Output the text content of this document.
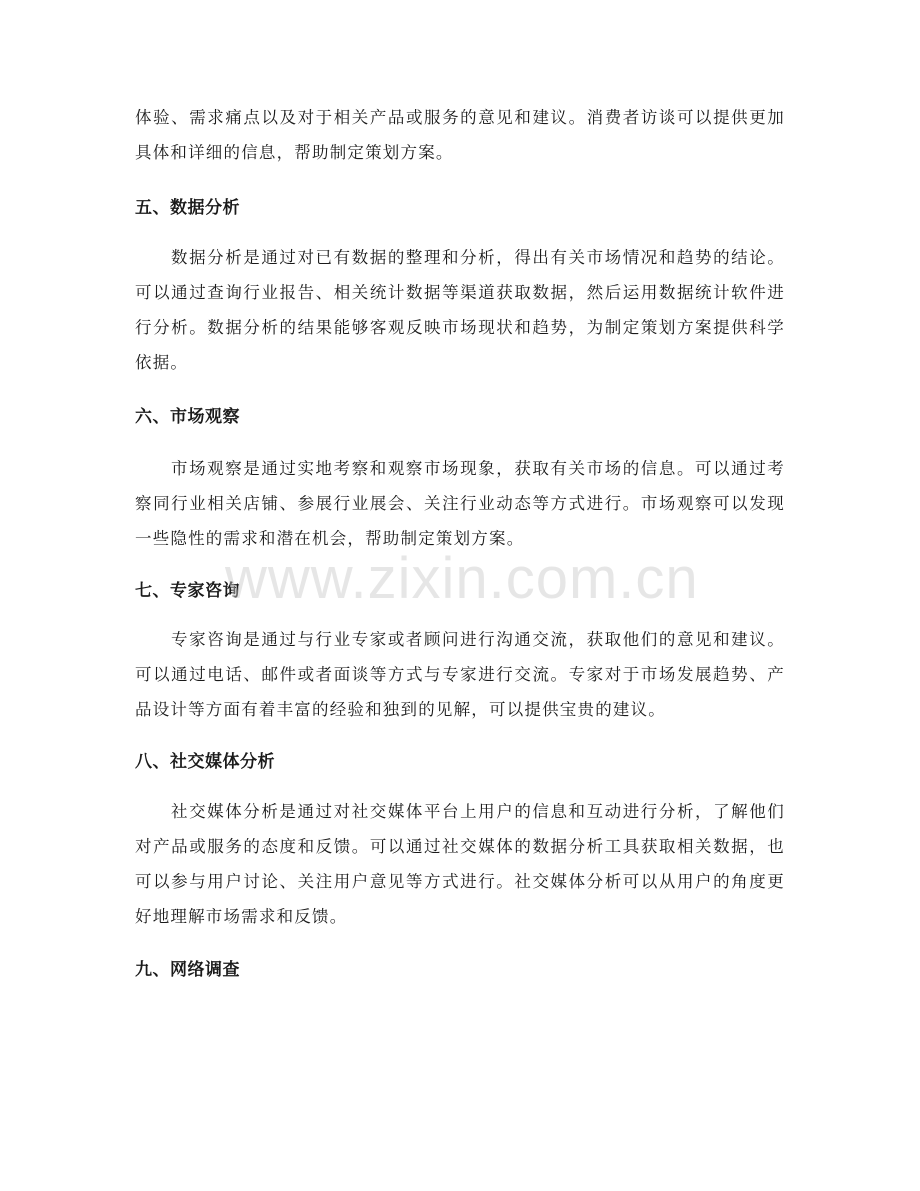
体验、需求痛点以及对于相关产品或服务的意见和建议。消费者访谈可以提供更加具体和详细的信息，帮助制定策划方案。

五、数据分析

数据分析是通过对已有数据的整理和分析，得出有关市场情况和趋势的结论。可以通过查询行业报告、相关统计数据等渠道获取数据，然后运用数据统计软件进行分析。数据分析的结果能够客观反映市场现状和趋势，为制定策划方案提供科学依据。

六、市场观察

市场观察是通过实地考察和观察市场现象，获取有关市场的信息。可以通过考察同行业相关店铺、参展行业展会、关注行业动态等方式进行。市场观察可以发现一些隐性的需求和潜在机会，帮助制定策划方案。

七、专家咨询

专家咨询是通过与行业专家或者顾问进行沟通交流，获取他们的意见和建议。可以通过电话、邮件或者面谈等方式与专家进行交流。专家对于市场发展趋势、产品设计等方面有着丰富的经验和独到的见解，可以提供宝贵的建议。

八、社交媒体分析

社交媒体分析是通过对社交媒体平台上用户的信息和互动进行分析，了解他们对产品或服务的态度和反馈。可以通过社交媒体的数据分析工具获取相关数据，也可以参与用户讨论、关注用户意见等方式进行。社交媒体分析可以从用户的角度更好地理解市场需求和反馈。

九、网络调查
www.zixin.com.cn
